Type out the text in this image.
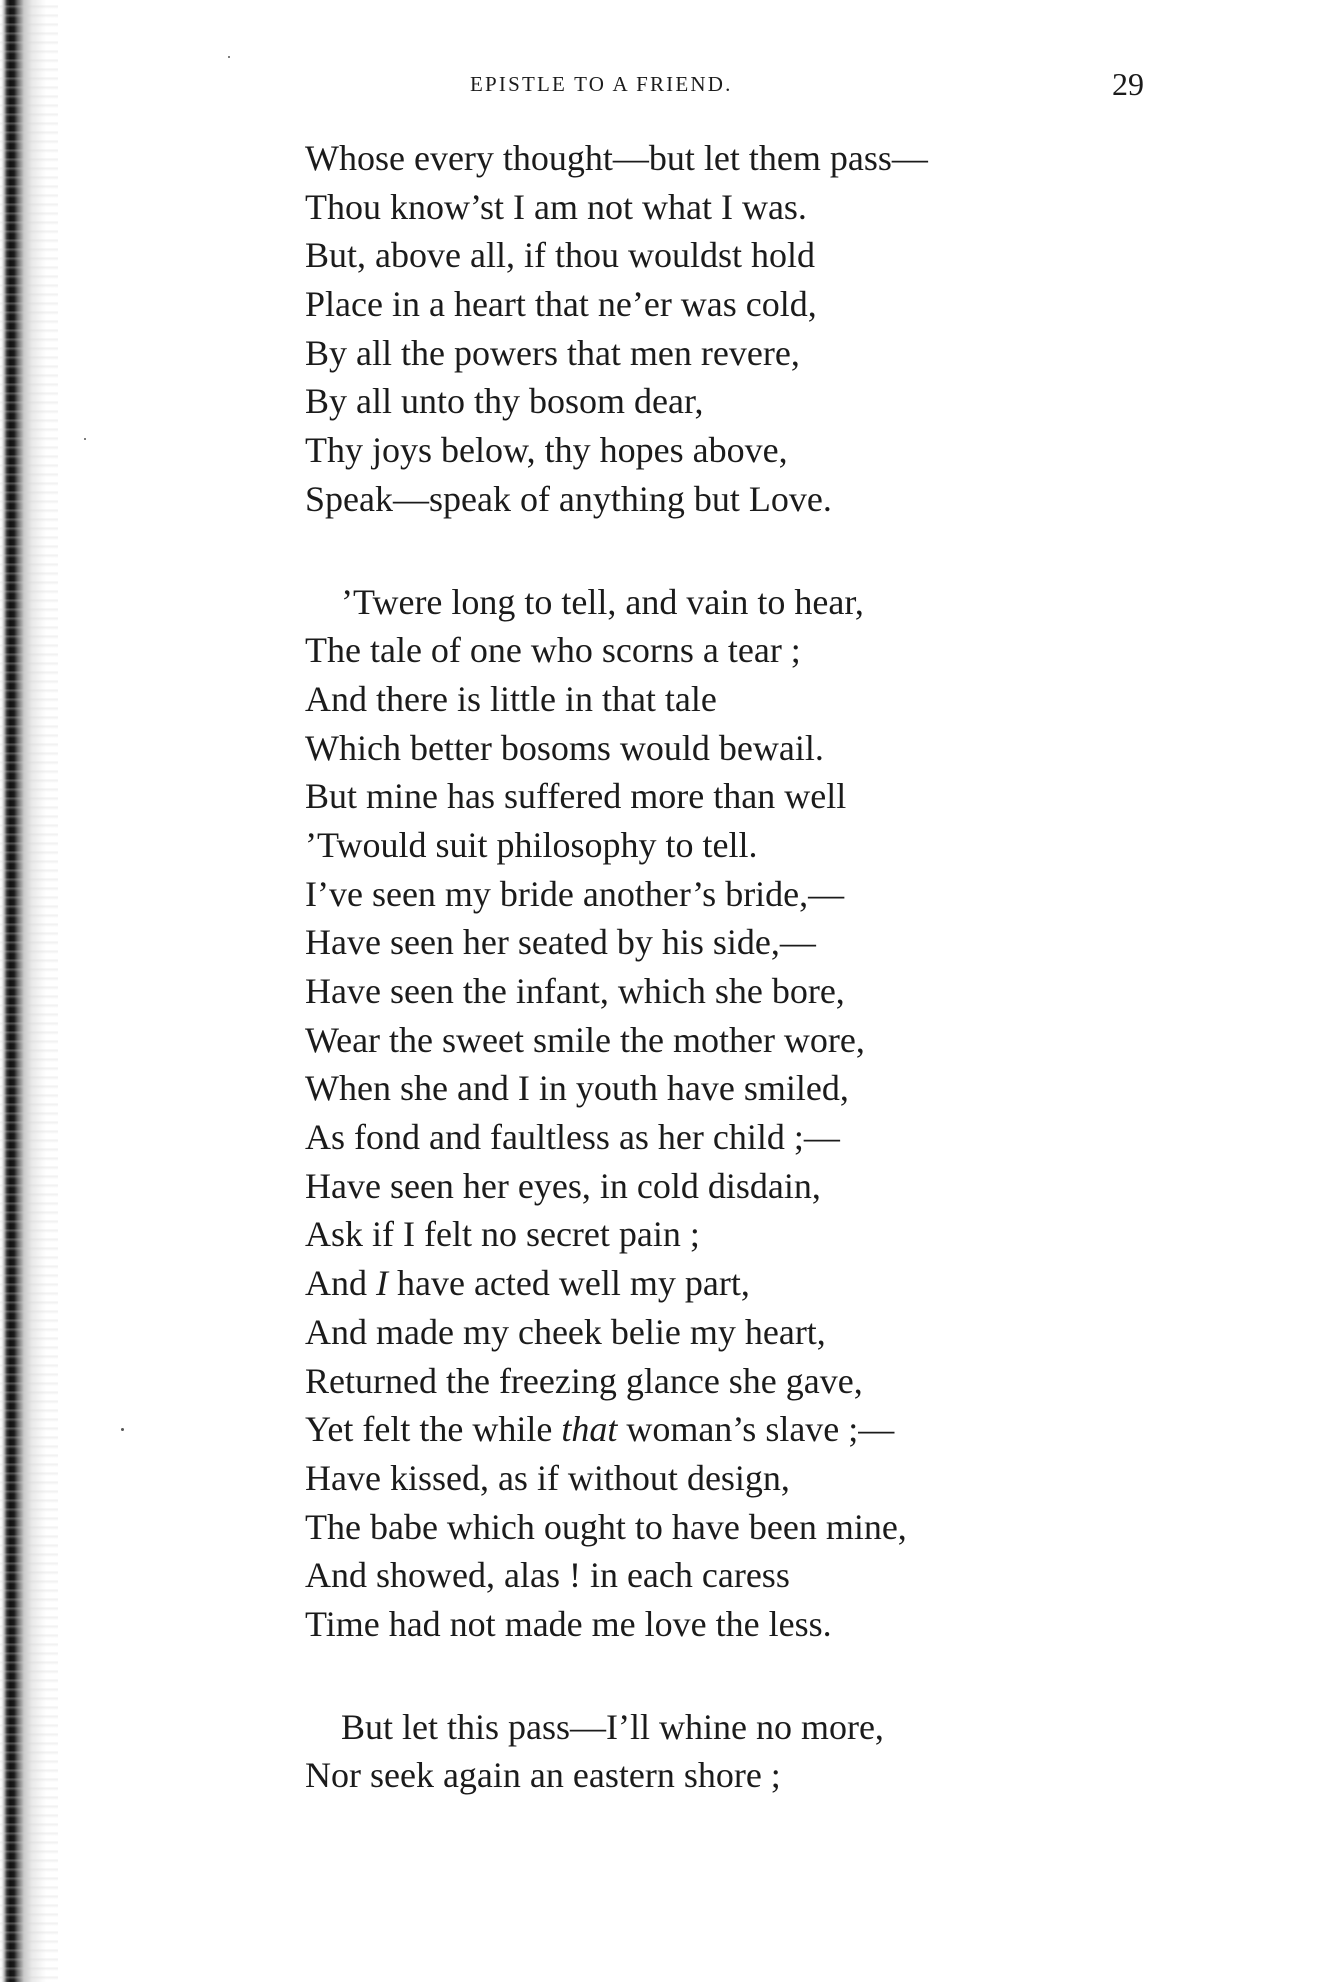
EPISTLE TO A FRIEND.	29
Whose every thought—but let them pass—
Thou know’st I am not what I was.
But, above all, if thou wouldst hold
Place in a heart that ne’er was cold,
By all the powers that men revere,
By all unto thy bosom dear,
Thy joys below, thy hopes above,
Speak—speak of anything but Love.
’Twere long to tell, and vain to hear,
The tale of one who scorns a tear ;
And there is little in that tale
Which better bosoms would bewail.
But mine has suffered more than well
’Twould suit philosophy to tell.
I’ve seen my bride another’s bride,—
Have seen her seated by his side,—
Have seen the infant, which she bore,
Wear the sweet smile the mother wore,
When she and I in youth have smiled,
As fond and faultless as her child ;—
Have seen her eyes, in cold disdain,
Ask if I felt no secret pain ;
And I have acted well my part,
And made my cheek belie my heart,
Returned the freezing glance she gave,
Yet felt the while that woman’s slave ;—
Have kissed, as if without design,
The babe which ought to have been mine,
And showed, alas ! in each caress
Time had not made me love the less.
But let this pass—I’ll whine no more,
Nor seek again an eastern shore ;
